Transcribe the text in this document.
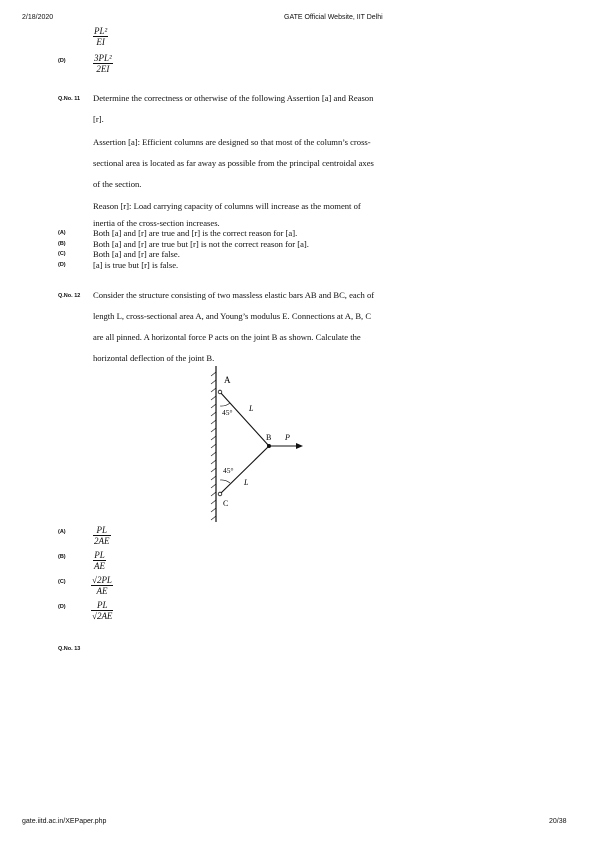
2/18/2020	GATE Official Website, IIT Delhi
PL²
EI
(D)	3PL²
2EI
Q.No. 11 Determine the correctness or otherwise of the following Assertion [a] and Reason
[r].
Assertion [a]: Efficient columns are designed so that most of the column’s cross-
sectional area is located as far away as possible from the principal centroidal axes
of the section.
Reason [r]: Load carrying capacity of columns will increase as the moment of
inertia of the cross-section increases.
(A)	Both [a] and [r] are true and [r] is the correct reason for [a].
(B)	Both [a] and [r] are true but [r] is not the correct reason for [a].
(C)	Both [a] and [r] are false.
(D)	[a] is true but [r] is false.
Q.No. 12 Consider the structure consisting of two massless elastic bars AB and BC, each of
length L, cross-sectional area A, and Young’s modulus E. Connections at A, B, C
are all pinned. A horizontal force P acts on the joint B as shown. Calculate the
horizontal deflection of the joint B.
A
B P
C
L
L
45°
45°
(A)	PL
2AE
(B)	PL
AE
(C)	√2PL
AE
(D)	PL
√2AE
Q.No. 13
gate.iitd.ac.in/XEPaper.php	20/38
